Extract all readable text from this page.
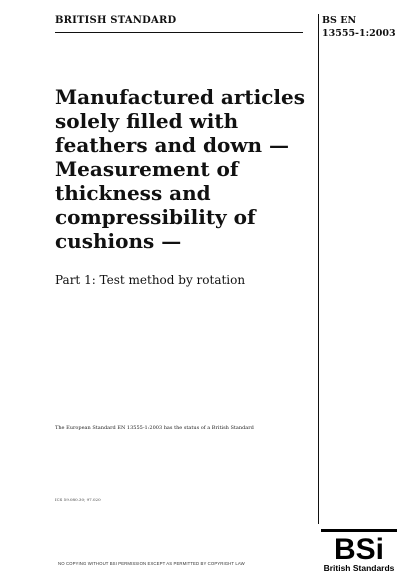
BRITISH STANDARD	BS EN
13555-1:2003
Manufactured articles solely filled with feathers and down — Measurement of thickness and compressibility of cushions —
Part 1: Test method by rotation
The European Standard EN 13555-1:2003 has the status of a British Standard
ICS 59.080.30; 97.020
BSi
British Standards
NO COPYING WITHOUT BSI PERMISSION EXCEPT AS PERMITTED BY COPYRIGHT LAW
